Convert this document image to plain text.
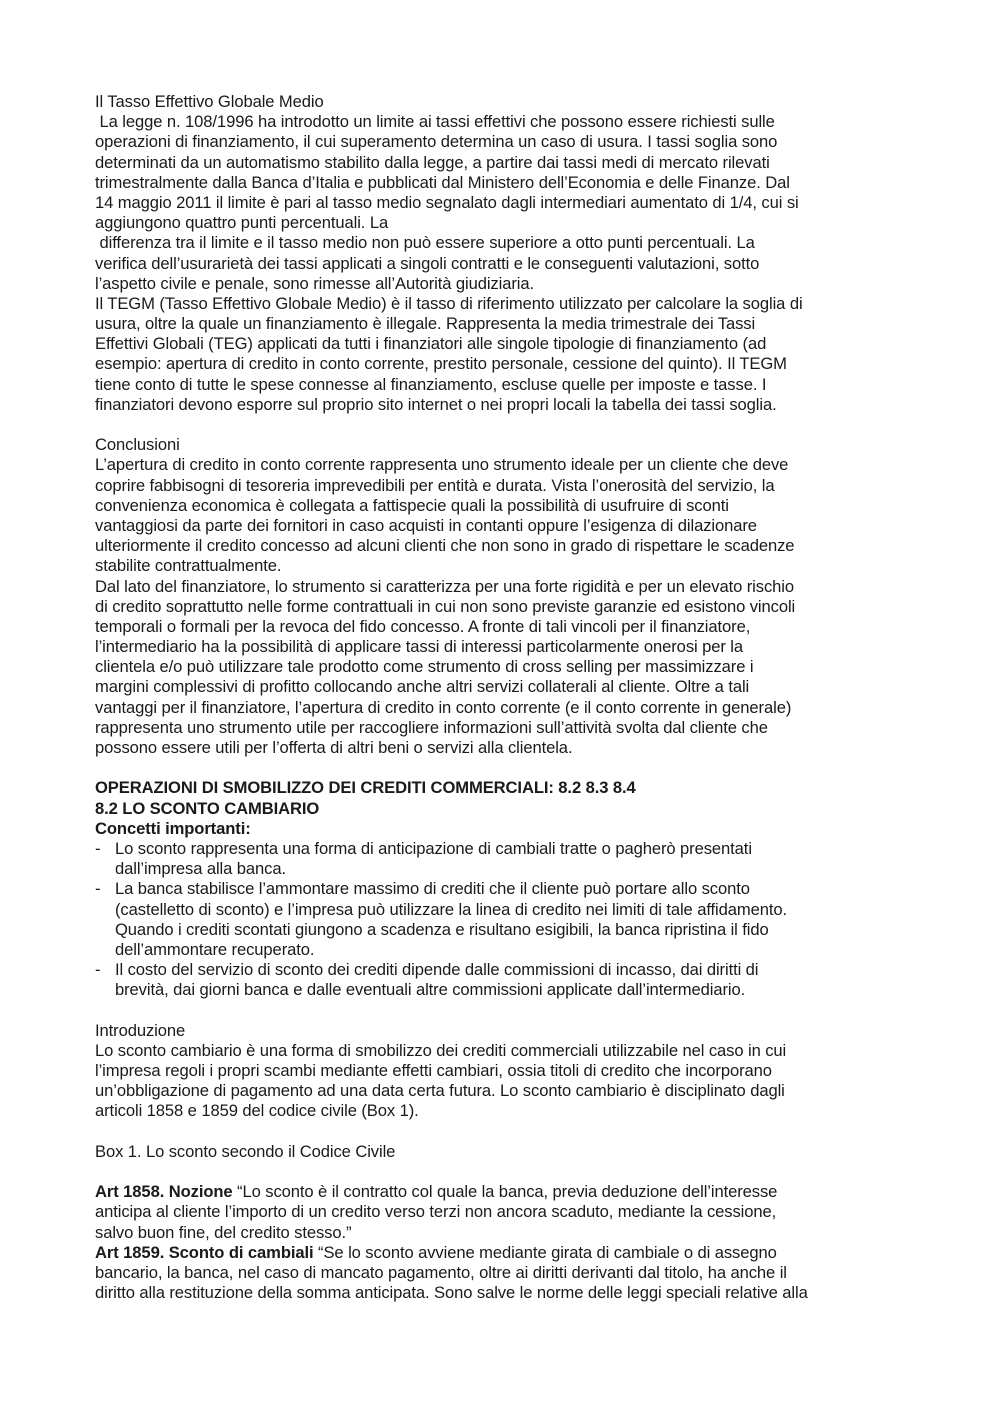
Il Tasso Effettivo Globale Medio
La legge n. 108/1996 ha introdotto un limite ai tassi effettivi che possono essere richiesti sulle
operazioni di finanziamento, il cui superamento determina un caso di usura. I tassi soglia sono
determinati da un automatismo stabilito dalla legge, a partire dai tassi medi di mercato rilevati
trimestralmente dalla Banca d’Italia e pubblicati dal Ministero dell’Economia e delle Finanze. Dal
14 maggio 2011 il limite è pari al tasso medio segnalato dagli intermediari aumentato di 1/4, cui si
aggiungono quattro punti percentuali. La
differenza tra il limite e il tasso medio non può essere superiore a otto punti percentuali. La
verifica dell’usurarietà dei tassi applicati a singoli contratti e le conseguenti valutazioni, sotto
l’aspetto civile e penale, sono rimesse all’Autorità giudiziaria.
Il TEGM (Tasso Effettivo Globale Medio) è il tasso di riferimento utilizzato per calcolare la soglia di
usura, oltre la quale un finanziamento è illegale. Rappresenta la media trimestrale dei Tassi
Effettivi Globali (TEG) applicati da tutti i finanziatori alle singole tipologie di finanziamento (ad
esempio: apertura di credito in conto corrente, prestito personale, cessione del quinto). Il TEGM
tiene conto di tutte le spese connesse al finanziamento, escluse quelle per imposte e tasse. I
finanziatori devono esporre sul proprio sito internet o nei propri locali la tabella dei tassi soglia.
Conclusioni
L’apertura di credito in conto corrente rappresenta uno strumento ideale per un cliente che deve
coprire fabbisogni di tesoreria imprevedibili per entità e durata. Vista l’onerosità del servizio, la
convenienza economica è collegata a fattispecie quali la possibilità di usufruire di sconti
vantaggiosi da parte dei fornitori in caso acquisti in contanti oppure l’esigenza di dilazionare
ulteriormente il credito concesso ad alcuni clienti che non sono in grado di rispettare le scadenze
stabilite contrattualmente.
Dal lato del finanziatore, lo strumento si caratterizza per una forte rigidità e per un elevato rischio
di credito soprattutto nelle forme contrattuali in cui non sono previste garanzie ed esistono vincoli
temporali o formali per la revoca del fido concesso. A fronte di tali vincoli per il finanziatore,
l’intermediario ha la possibilità di applicare tassi di interessi particolarmente onerosi per la
clientela e/o può utilizzare tale prodotto come strumento di cross selling per massimizzare i
margini complessivi di profitto collocando anche altri servizi collaterali al cliente. Oltre a tali
vantaggi per il finanziatore, l’apertura di credito in conto corrente (e il conto corrente in generale)
rappresenta uno strumento utile per raccogliere informazioni sull’attività svolta dal cliente che
possono essere utili per l’offerta di altri beni o servizi alla clientela.
OPERAZIONI DI SMOBILIZZO DEI CREDITI COMMERCIALI: 8.2 8.3 8.4
8.2 LO SCONTO CAMBIARIO
Concetti importanti:
- Lo sconto rappresenta una forma di anticipazione di cambiali tratte o pagherò presentati
dall’impresa alla banca.
- La banca stabilisce l’ammontare massimo di crediti che il cliente può portare allo sconto
(castelletto di sconto) e l’impresa può utilizzare la linea di credito nei limiti di tale affidamento.
Quando i crediti scontati giungono a scadenza e risultano esigibili, la banca ripristina il fido
dell’ammontare recuperato.
- Il costo del servizio di sconto dei crediti dipende dalle commissioni di incasso, dai diritti di
brevità, dai giorni banca e dalle eventuali altre commissioni applicate dall’intermediario.
Introduzione
Lo sconto cambiario è una forma di smobilizzo dei crediti commerciali utilizzabile nel caso in cui
l’impresa regoli i propri scambi mediante effetti cambiari, ossia titoli di credito che incorporano
un’obbligazione di pagamento ad una data certa futura. Lo sconto cambiario è disciplinato dagli
articoli 1858 e 1859 del codice civile (Box 1).
Box 1. Lo sconto secondo il Codice Civile
Art 1858. Nozione “Lo sconto è il contratto col quale la banca, previa deduzione dell’interesse
anticipa al cliente l’importo di un credito verso terzi non ancora scaduto, mediante la cessione,
salvo buon fine, del credito stesso.”
Art 1859. Sconto di cambiali “Se lo sconto avviene mediante girata di cambiale o di assegno
bancario, la banca, nel caso di mancato pagamento, oltre ai diritti derivanti dal titolo, ha anche il
diritto alla restituzione della somma anticipata. Sono salve le norme delle leggi speciali relative alla
